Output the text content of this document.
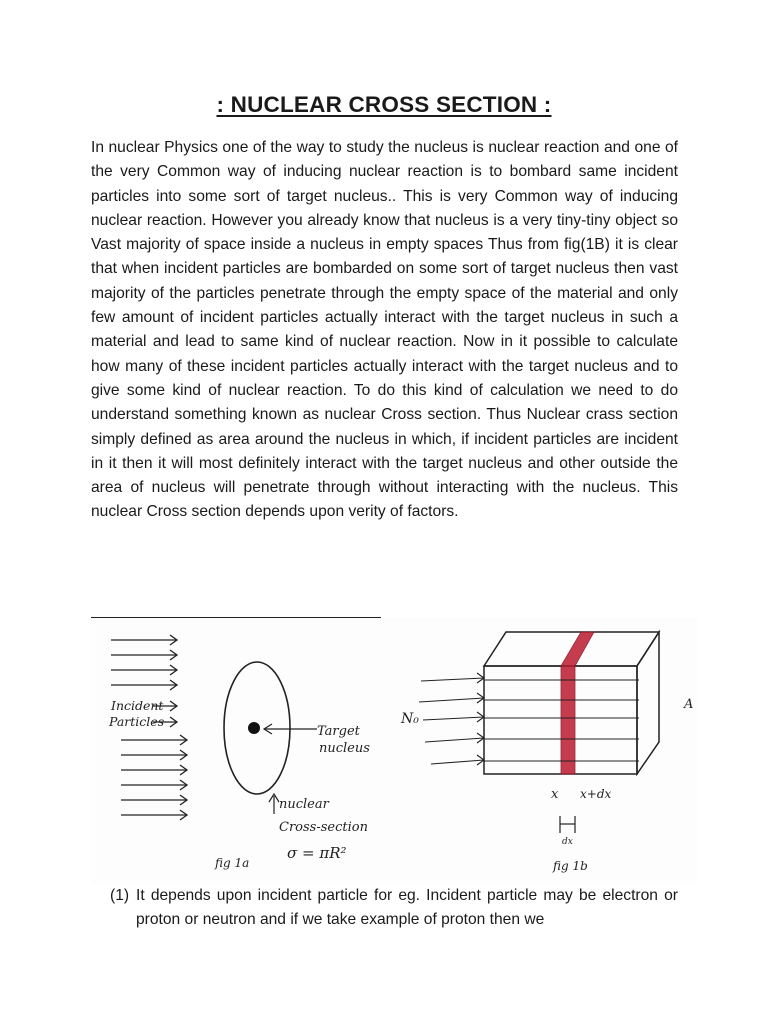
: NUCLEAR CROSS SECTION :

In nuclear Physics one of the way to study the nucleus is nuclear reaction and one of the very Common way of inducing nuclear reaction is to bombard same incident particles into some sort of target nucleus.. This is very Common way of inducing nuclear reaction. However you already know that nucleus is a very tiny-tiny object so Vast majority of space inside a nucleus in empty spaces Thus from fig(1B) it is clear that when incident particles are bombarded on some sort of target nucleus then vast majority of the particles penetrate through the empty space of the material and only few amount of incident particles actually interact with the target nucleus in such a material and lead to same kind of nuclear reaction. Now in it possible to calculate how many of these incident particles actually interact with the target nucleus and to give some kind of nuclear reaction. To do this kind of calculation we need to do understand something known as nuclear Cross section. Thus Nuclear crass section simply defined as area around the nucleus in which, if incident particles are incident in it then it will most definitely interact with the target nucleus and other outside the area of nucleus will penetrate through without interacting with the nucleus. This nuclear Cross section depends upon verity of factors.

Incident
Particles
Target
nucleus
nuclear
Cross-section
σ = πR²
fig 1a
N₀
A
x x+dx
dx
fig 1b

(1) It depends upon incident particle for eg. Incident particle may be electron or proton or neutron and if we take example of proton then we
